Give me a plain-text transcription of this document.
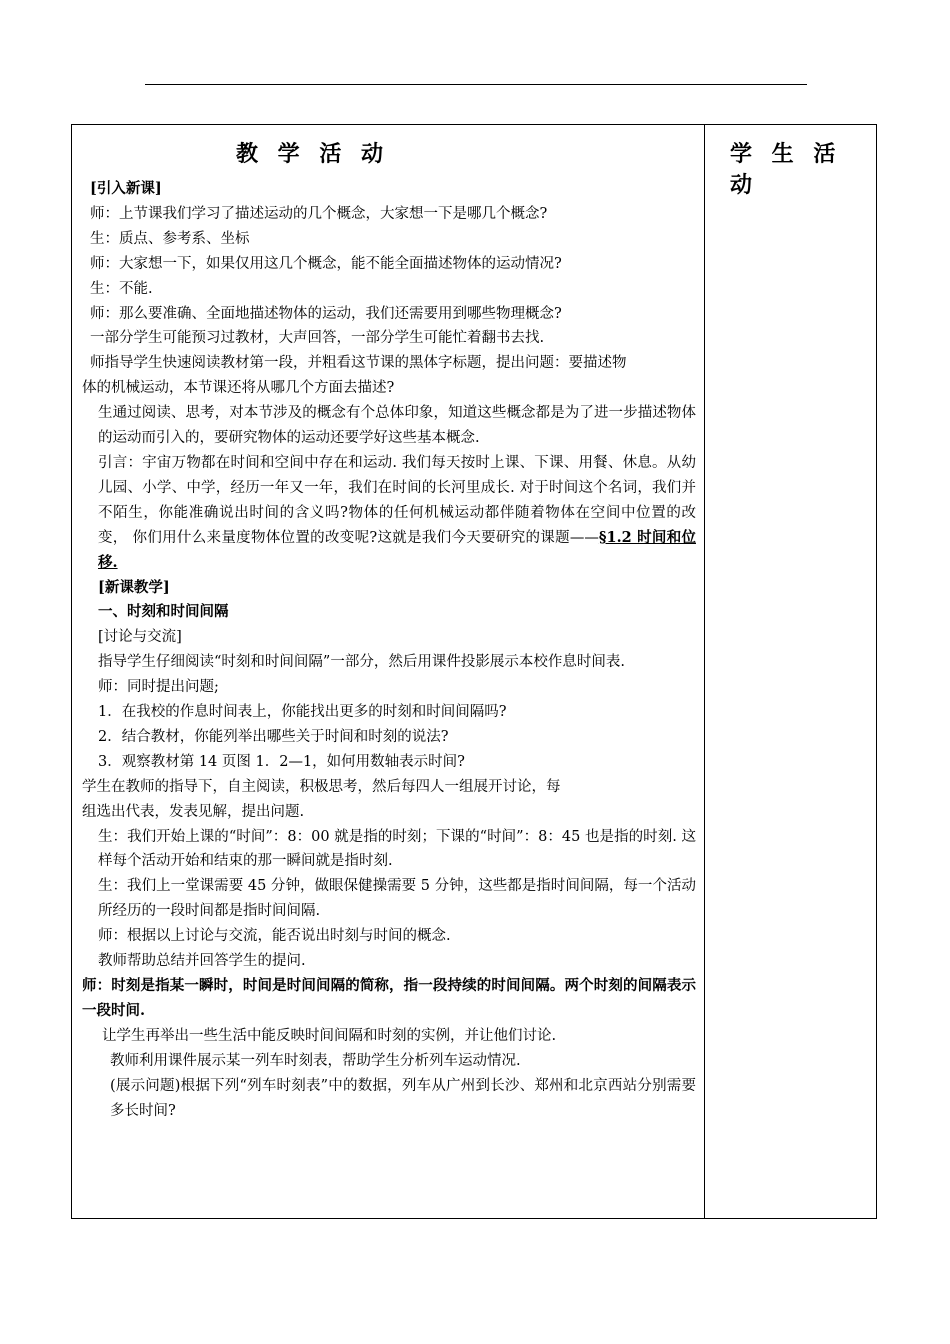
教 学 活 动	学 生 活 动

[引入新课]

师：上节课我们学习了描述运动的几个概念，大家想一下是哪几个概念?

生：质点、参考系、坐标

师：大家想一下，如果仅用这几个概念，能不能全面描述物体的运动情况?

生：不能.

师：那么要准确、全面地描述物体的运动，我们还需要用到哪些物理概念?

一部分学生可能预习过教材，大声回答，一部分学生可能忙着翻书去找.

师指导学生快速阅读教材第一段，并粗看这节课的黑体字标题，提出问题：要描述物

体的机械运动，本节课还将从哪几个方面去描述?

生通过阅读、思考，对本节涉及的概念有个总体印象，知道这些概念都是为了进一步描述物体的运动而引入的，要研究物体的运动还要学好这些基本概念.

引言：宇宙万物都在时间和空间中存在和运动. 我们每天按时上课、下课、用餐、休息。从幼儿园、小学、中学，经历一年又一年，我们在时间的长河里成长. 对于时间这个名词，我们并不陌生，你能准确说出时间的含义吗?物体的任何机械运动都伴随着物体在空间中位置的改变， 你们用什么来量度物体位置的改变呢?这就是我们今天要研究的课题——§1.2 时间和位移.

[新课教学]

一、时刻和时间间隔

[讨论与交流]

指导学生仔细阅读“时刻和时间间隔”一部分，然后用课件投影展示本校作息时间表.

师：同时提出问题;

1．在我校的作息时间表上，你能找出更多的时刻和时间间隔吗?

2．结合教材，你能列举出哪些关于时间和时刻的说法?

3．观察教材第 14 页图 1．2—1，如何用数轴表示时间?

学生在教师的指导下，自主阅读，积极思考，然后每四人一组展开讨论，每

组选出代表，发表见解，提出问题.

生：我们开始上课的“时间”：8：00 就是指的时刻；下课的“时间”：8：45 也是指的时刻. 这样每个活动开始和结束的那一瞬间就是指时刻.

生：我们上一堂课需要 45 分钟，做眼保健操需要 5 分钟，这些都是指时间间隔，每一个活动所经历的一段时间都是指时间间隔.

师：根据以上讨论与交流，能否说出时刻与时间的概念.

教师帮助总结并回答学生的提问.

师：时刻是指某一瞬时，时间是时间间隔的简称，指一段持续的时间间隔。两个时刻的间隔表示一段时间.

让学生再举出一些生活中能反映时间间隔和时刻的实例，并让他们讨论.

教师利用课件展示某一列车时刻表，帮助学生分析列车运动情况.

(展示问题)根据下列“列车时刻表”中的数据，列车从广州到长沙、郑州和北京西站分别需要多长时间?
